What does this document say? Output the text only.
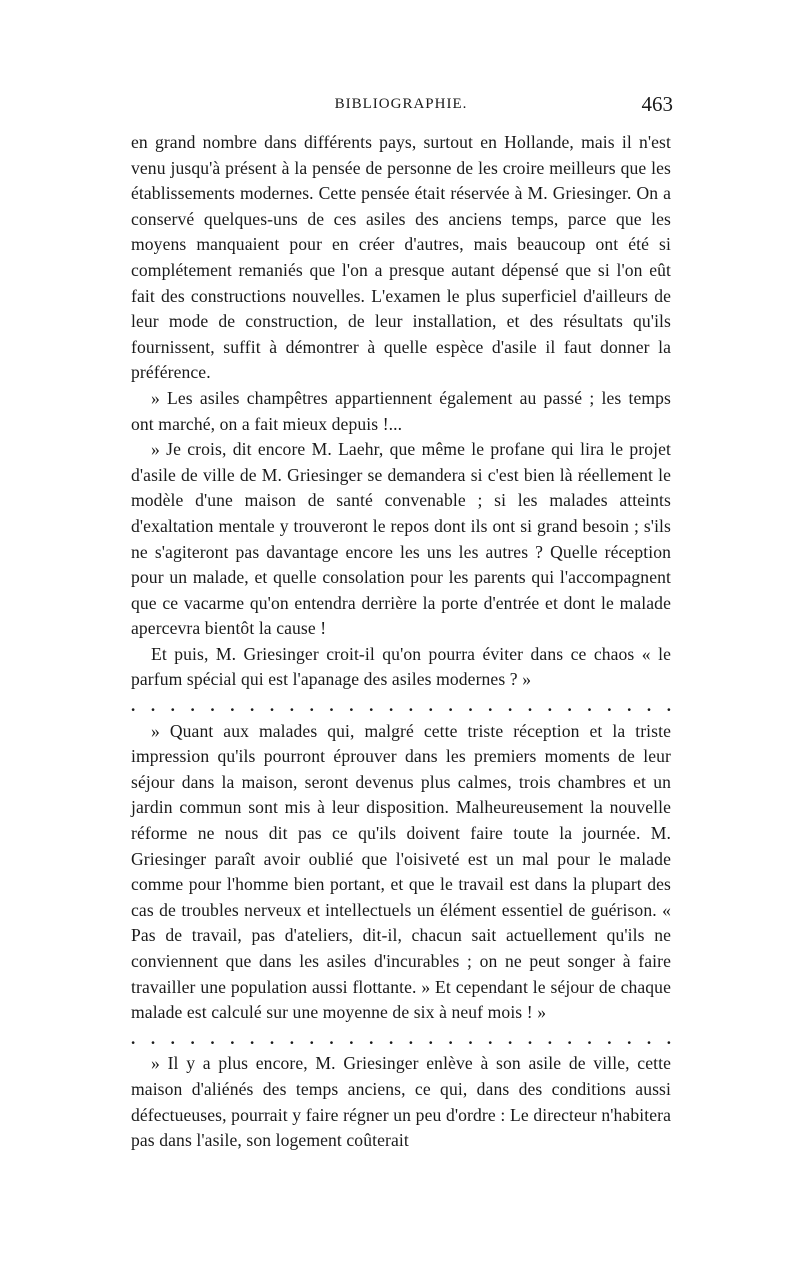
BIBLIOGRAPHIE.	463

en grand nombre dans différents pays, surtout en Hollande, mais il n'est venu jusqu'à présent à la pensée de personne de les croire meilleurs que les établissements modernes. Cette pensée était réservée à M. Griesinger. On a conservé quelques-uns de ces asiles des anciens temps, parce que les moyens manquaient pour en créer d'autres, mais beaucoup ont été si complétement remaniés que l'on a presque autant dépensé que si l'on eût fait des constructions nouvelles. L'examen le plus superficiel d'ailleurs de leur mode de construction, de leur installation, et des résultats qu'ils fournissent, suffit à démontrer à quelle espèce d'asile il faut donner la préférence.

» Les asiles champêtres appartiennent également au passé ; les temps ont marché, on a fait mieux depuis !...

» Je crois, dit encore M. Laehr, que même le profane qui lira le projet d'asile de ville de M. Griesinger se demandera si c'est bien là réellement le modèle d'une maison de santé convenable ; si les malades atteints d'exaltation mentale y trouveront le repos dont ils ont si grand besoin ; s'ils ne s'agiteront pas davantage encore les uns les autres ? Quelle réception pour un malade, et quelle consolation pour les parents qui l'accompagnent que ce vacarme qu'on entendra derrière la porte d'entrée et dont le malade apercevra bientôt la cause !

Et puis, M. Griesinger croit-il qu'on pourra éviter dans ce chaos « le parfum spécial qui est l'apanage des asiles modernes ? »

. . . . . . . . . . . . . . . . . . . . . . . . . . . .

» Quant aux malades qui, malgré cette triste réception et la triste impression qu'ils pourront éprouver dans les premiers moments de leur séjour dans la maison, seront devenus plus calmes, trois chambres et un jardin commun sont mis à leur disposition. Malheureusement la nouvelle réforme ne nous dit pas ce qu'ils doivent faire toute la journée. M. Griesinger paraît avoir oublié que l'oisiveté est un mal pour le malade comme pour l'homme bien portant, et que le travail est dans la plupart des cas de troubles nerveux et intellectuels un élément essentiel de guérison. « Pas de travail, pas d'ateliers, dit-il, chacun sait actuellement qu'ils ne conviennent que dans les asiles d'incurables ; on ne peut songer à faire travailler une population aussi flottante. » Et cependant le séjour de chaque malade est calculé sur une moyenne de six à neuf mois ! »

. . . . . . . . . . . . . . . . . . . . . . . . . . . .

» Il y a plus encore, M. Griesinger enlève à son asile de ville, cette maison d'aliénés des temps anciens, ce qui, dans des conditions aussi défectueuses, pourrait y faire régner un peu d'ordre : Le directeur n'habitera pas dans l'asile, son logement coûterait
